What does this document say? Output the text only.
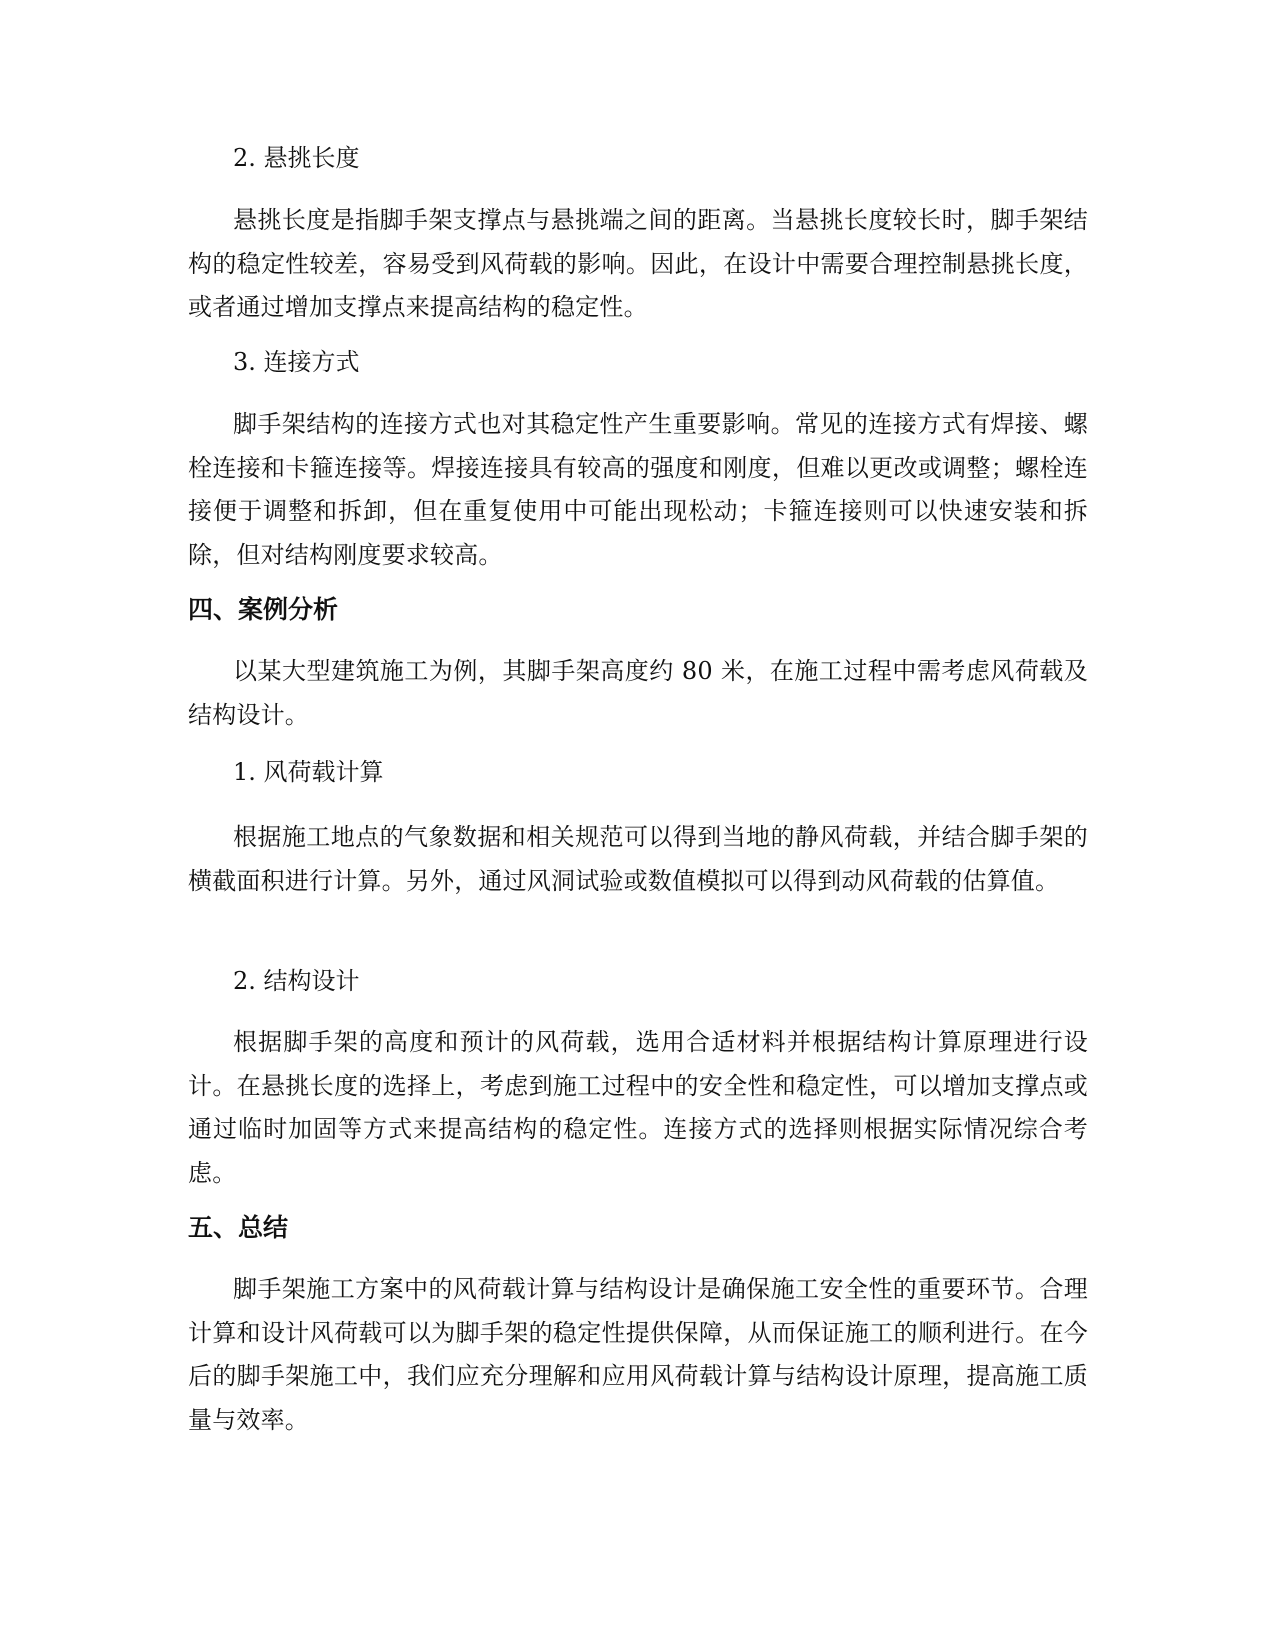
2. 悬挑长度

悬挑长度是指脚手架支撑点与悬挑端之间的距离。当悬挑长度较长时，脚手架结构的稳定性较差，容易受到风荷载的影响。因此，在设计中需要合理控制悬挑长度，或者通过增加支撑点来提高结构的稳定性。

3. 连接方式

脚手架结构的连接方式也对其稳定性产生重要影响。常见的连接方式有焊接、螺栓连接和卡箍连接等。焊接连接具有较高的强度和刚度，但难以更改或调整；螺栓连接便于调整和拆卸，但在重复使用中可能出现松动；卡箍连接则可以快速安装和拆除，但对结构刚度要求较高。

四、案例分析

以某大型建筑施工为例，其脚手架高度约 80 米，在施工过程中需考虑风荷载及结构设计。

1. 风荷载计算

根据施工地点的气象数据和相关规范可以得到当地的静风荷载，并结合脚手架的横截面积进行计算。另外，通过风洞试验或数值模拟可以得到动风荷载的估算值。

2. 结构设计

根据脚手架的高度和预计的风荷载，选用合适材料并根据结构计算原理进行设计。在悬挑长度的选择上，考虑到施工过程中的安全性和稳定性，可以增加支撑点或通过临时加固等方式来提高结构的稳定性。连接方式的选择则根据实际情况综合考虑。

五、总结

脚手架施工方案中的风荷载计算与结构设计是确保施工安全性的重要环节。合理计算和设计风荷载可以为脚手架的稳定性提供保障，从而保证施工的顺利进行。在今后的脚手架施工中，我们应充分理解和应用风荷载计算与结构设计原理，提高施工质量与效率。
